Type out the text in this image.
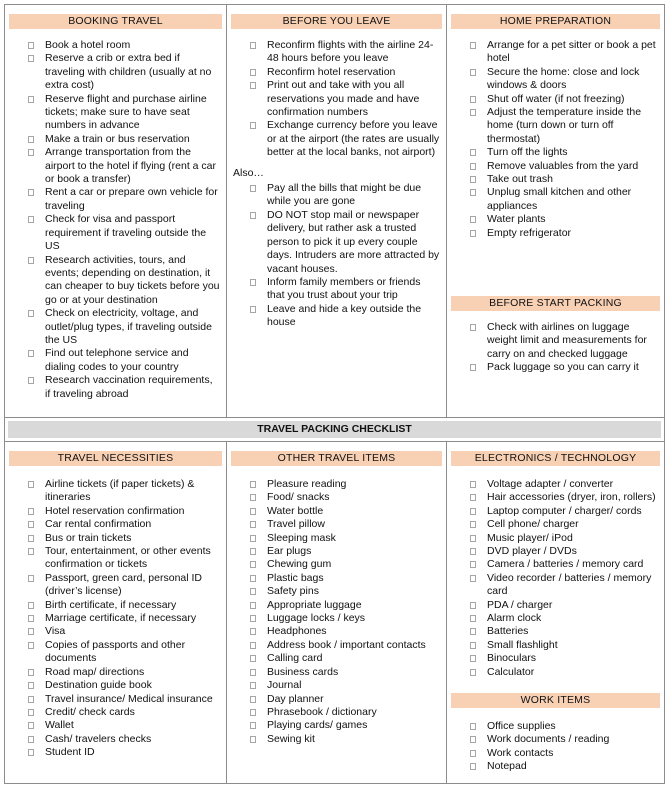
BOOKING TRAVEL
Book a hotel room
Reserve a crib or extra bed if traveling with children (usually at no extra cost)
Reserve flight and purchase airline tickets; make sure to have seat numbers in advance
Make a train or bus reservation
Arrange transportation from the airport to the hotel if flying (rent a car or book a transfer)
Rent a car or prepare own vehicle for traveling
Check for visa and passport requirement if traveling outside the US
Research activities, tours, and events; depending on destination, it can cheaper to buy tickets before you go or at your destination
Check on electricity, voltage, and outlet/plug types, if traveling outside the US
Find out telephone service and dialing codes to your country
Research vaccination requirements, if traveling abroad
BEFORE YOU LEAVE
Reconfirm flights with the airline 24-48 hours before you leave
Reconfirm hotel reservation
Print out and take with you all reservations you made and have confirmation numbers
Exchange currency before you leave or at the airport (the rates are usually better at the local banks, not airport)
Also…
Pay all the bills that might be due while you are gone
DO NOT stop mail or newspaper delivery, but rather ask a trusted person to pick it up every couple days. Intruders are more attracted by vacant houses.
Inform family members or friends that you trust about your trip
Leave and hide a key outside the house
HOME PREPARATION
Arrange for a pet sitter or book a pet hotel
Secure the home: close and lock windows & doors
Shut off water (if not freezing)
Adjust the temperature inside the home (turn down or turn off thermostat)
Turn off the lights
Remove valuables from the yard
Take out trash
Unplug small kitchen and other appliances
Water plants
Empty refrigerator
BEFORE START PACKING
Check with airlines on luggage weight limit and measurements for carry on and checked luggage
Pack luggage so you can carry it
TRAVEL PACKING CHECKLIST
TRAVEL NECESSITIES
Airline tickets (if paper tickets) & itineraries
Hotel reservation confirmation
Car rental confirmation
Bus or train tickets
Tour, entertainment, or other events confirmation or tickets
Passport, green card, personal ID (driver’s license)
Birth certificate, if necessary
Marriage certificate, if necessary
Visa
Copies of passports and other documents
Road map/ directions
Destination guide book
Travel insurance/ Medical insurance
Credit/ check cards
Wallet
Cash/ travelers checks
Student ID
OTHER TRAVEL ITEMS
Pleasure reading
Food/ snacks
Water bottle
Travel pillow
Sleeping mask
Ear plugs
Chewing gum
Plastic bags
Safety pins
Appropriate luggage
Luggage locks / keys
Headphones
Address book / important contacts
Calling card
Business cards
Journal
Day planner
Phrasebook / dictionary
Playing cards/ games
Sewing kit
ELECTRONICS / TECHNOLOGY
Voltage adapter / converter
Hair accessories (dryer, iron, rollers)
Laptop computer / charger/ cords
Cell phone/ charger
Music player/ iPod
DVD player / DVDs
Camera / batteries / memory card
Video recorder / batteries / memory card
PDA / charger
Alarm clock
Batteries
Small flashlight
Binoculars
Calculator
WORK ITEMS
Office supplies
Work documents / reading
Work contacts
Notepad
